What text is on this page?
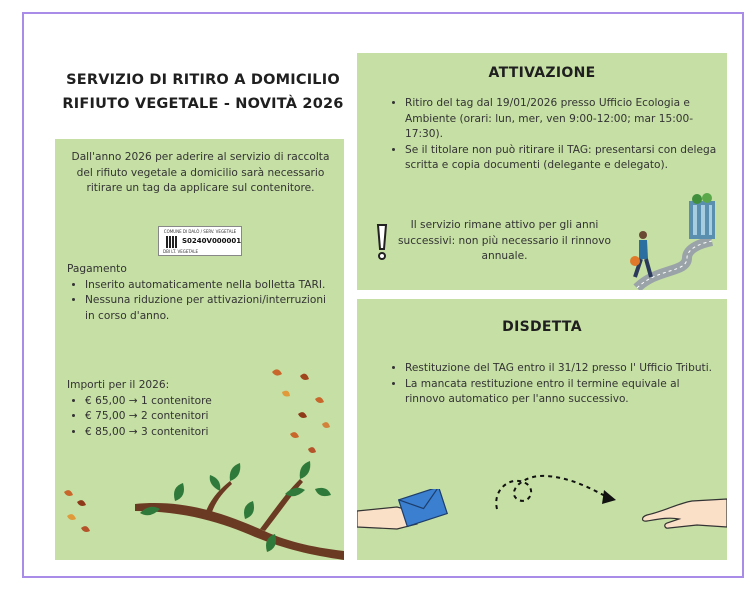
SERVIZIO DI RITIRO A DOMICILIO
RIFIUTO VEGETALE - NOVITÀ 2026
Dall'anno 2026 per aderire al servizio di raccolta del rifiuto vegetale a domicilio sarà necessario ritirare un tag da applicare sul contenitore.
COMUNE DI DALÒ / SERV. VEGETALE
S0240V000001
DBI LT. VEGETALE
Pagamento
• Inserito automaticamente nella bolletta TARI.
• Nessuna riduzione per attivazioni/interruzioni in corso d'anno.
Importi per il 2026:
• € 65,00 → 1 contenitore
• € 75,00 → 2 contenitori
• € 85,00 → 3 contenitori
ATTIVAZIONE
• Ritiro del tag dal 19/01/2026 presso Ufficio Ecologia e Ambiente (orari: lun, mer, ven 9:00-12:00; mar 15:00-17:30).
• Se il titolare non può ritirare il TAG: presentarsi con delega scritta e copia documenti (delegante e delegato).
Il servizio rimane attivo per gli anni successivi: non più necessario il rinnovo annuale.
DISDETTA
• Restituzione del TAG entro il 31/12 presso l' Ufficio Tributi.
• La mancata restituzione entro il termine equivale al rinnovo automatico per l'anno successivo.
